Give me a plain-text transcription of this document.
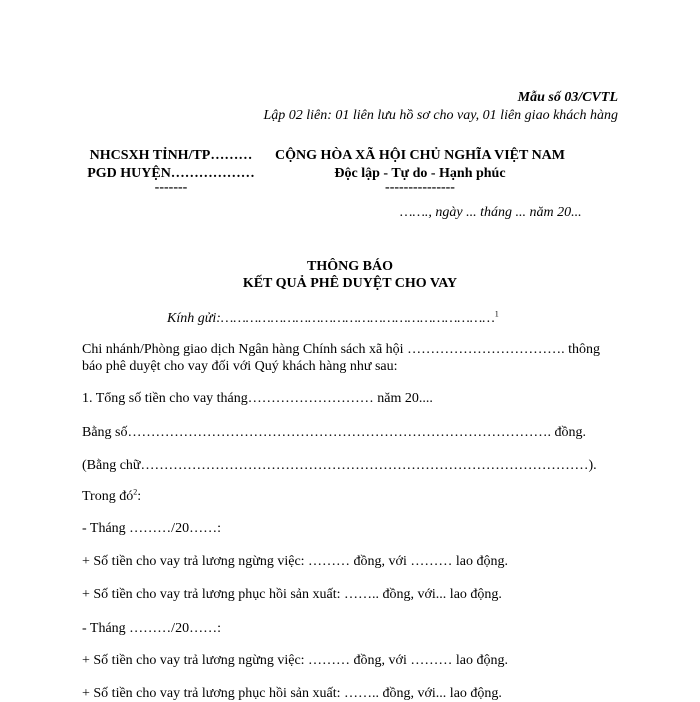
Mẫu số 03/CVTL
Lập 02 liên: 01 liên lưu hồ sơ cho vay, 01 liên giao khách hàng
NHCSXH TỈNH/TP………
PGD HUYỆN………………
-------
CỘNG HÒA XÃ HỘI CHỦ NGHĨA VIỆT NAM
Độc lập - Tự do - Hạnh phúc
---------------
……., ngày ... tháng ... năm 20...
THÔNG BÁO
KẾT QUẢ PHÊ DUYỆT CHO VAY
Kính gửi:…………………………………………………………$^1$
Chi nhánh/Phòng giao dịch Ngân hàng Chính sách xã hội ……………………………. thông
báo phê duyệt cho vay đối với Quý khách hàng như sau:
1. Tổng số tiền cho vay tháng……………………… năm 20....
Bằng số………………………………………………………………………………. đồng.
(Bằng chữ……………………………………………………………………………………).
Trong $đó^2$:
- Tháng ………/20……:
+ Số tiền cho vay trả lương ngừng việc: ……… đồng, với ……… lao động.
+ Số tiền cho vay trả lương phục hồi sản xuất: …….. đồng, với... lao động.
- Tháng ………/20……:
+ Số tiền cho vay trả lương ngừng việc: ……… đồng, với ……… lao động.
+ Số tiền cho vay trả lương phục hồi sản xuất: …….. đồng, với... lao động.
